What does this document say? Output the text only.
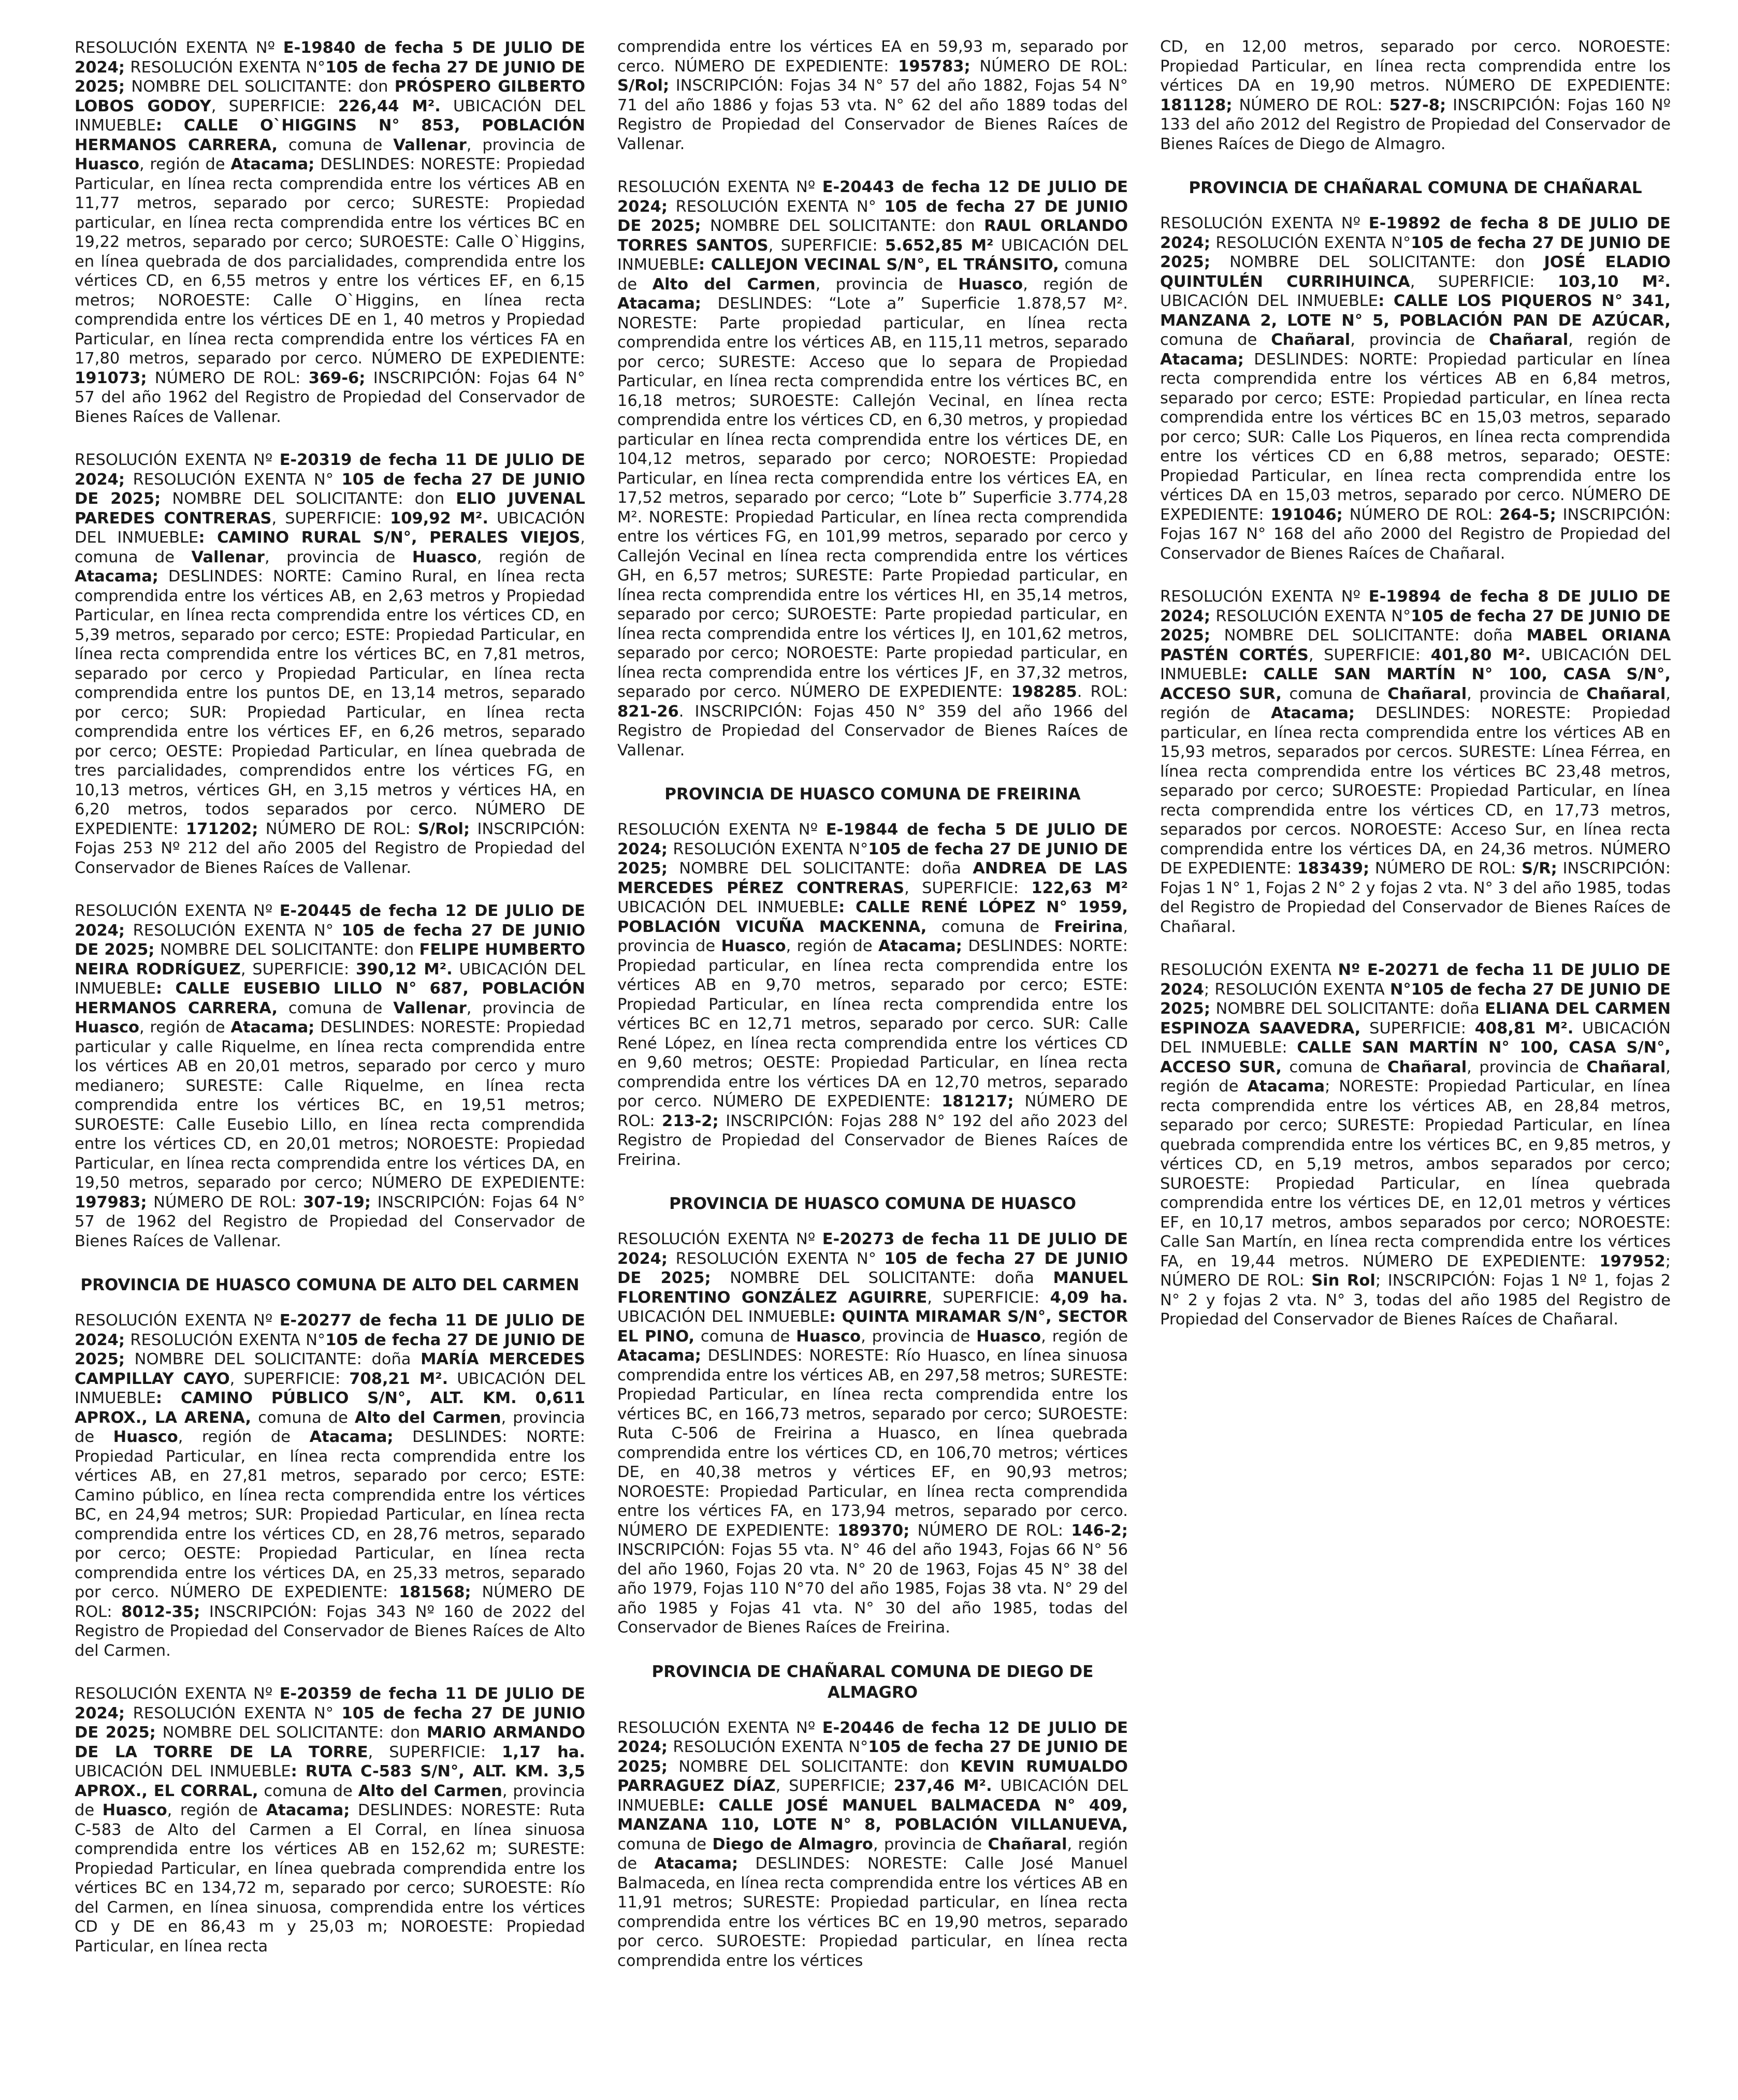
RESOLUCIÓN EXENTA Nº E-19840 de fecha 5 DE JULIO DE 2024; RESOLUCIÓN EXENTA N°105 de fecha 27 DE JUNIO DE 2025; NOMBRE DEL SOLICITANTE: don PRÓSPERO GILBERTO LOBOS GODOY, SUPERFICIE: 226,44 M². UBICACIÓN DEL INMUEBLE: CALLE O`HIGGINS N° 853, POBLACIÓN HERMANOS CARRERA, comuna de Vallenar, provincia de Huasco, región de Atacama; DESLINDES: NORESTE: Propiedad Particular, en línea recta comprendida entre los vértices AB en 11,77 metros, separado por cerco; SURESTE: Propiedad particular, en línea recta comprendida entre los vértices BC en 19,22 metros, separado por cerco; SUROESTE: Calle O`Higgins, en línea quebrada de dos parcialidades, comprendida entre los vértices CD, en 6,55 metros y entre los vértices EF, en 6,15 metros; NOROESTE: Calle O`Higgins, en línea recta comprendida entre los vértices DE en 1, 40 metros y Propiedad Particular, en línea recta comprendida entre los vértices FA en 17,80 metros, separado por cerco. NÚMERO DE EXPEDIENTE: 191073; NÚMERO DE ROL: 369-6; INSCRIPCIÓN: Fojas 64 N° 57 del año 1962 del Registro de Propiedad del Conservador de Bienes Raíces de Vallenar.
RESOLUCIÓN EXENTA Nº E-20319 de fecha 11 DE JULIO DE 2024; RESOLUCIÓN EXENTA N° 105 de fecha 27 DE JUNIO DE 2025; NOMBRE DEL SOLICITANTE: don ELIO JUVENAL PAREDES CONTRERAS, SUPERFICIE: 109,92 M². UBICACIÓN DEL INMUEBLE: CAMINO RURAL S/N°, PERALES VIEJOS, comuna de Vallenar, provincia de Huasco, región de Atacama; DESLINDES: NORTE: Camino Rural, en línea recta comprendida entre los vértices AB, en 2,63 metros y Propiedad Particular, en línea recta comprendida entre los vértices CD, en 5,39 metros, separado por cerco; ESTE: Propiedad Particular, en línea recta comprendida entre los vértices BC, en 7,81 metros, separado por cerco y Propiedad Particular, en línea recta comprendida entre los puntos DE, en 13,14 metros, separado por cerco; SUR: Propiedad Particular, en línea recta comprendida entre los vértices EF, en 6,26 metros, separado por cerco; OESTE: Propiedad Particular, en línea quebrada de tres parcialidades, comprendidos entre los vértices FG, en 10,13 metros, vértices GH, en 3,15 metros y vértices HA, en 6,20 metros, todos separados por cerco. NÚMERO DE EXPEDIENTE: 171202; NÚMERO DE ROL: S/Rol; INSCRIPCIÓN: Fojas 253 Nº 212 del año 2005 del Registro de Propiedad del Conservador de Bienes Raíces de Vallenar.
RESOLUCIÓN EXENTA Nº E-20445 de fecha 12 DE JULIO DE 2024; RESOLUCIÓN EXENTA N° 105 de fecha 27 DE JUNIO DE 2025; NOMBRE DEL SOLICITANTE: don FELIPE HUMBERTO NEIRA RODRÍGUEZ, SUPERFICIE: 390,12 M². UBICACIÓN DEL INMUEBLE: CALLE EUSEBIO LILLO N° 687, POBLACIÓN HERMANOS CARRERA, comuna de Vallenar, provincia de Huasco, región de Atacama; DESLINDES: NORESTE: Propiedad particular y calle Riquelme, en línea recta comprendida entre los vértices AB en 20,01 metros, separado por cerco y muro medianero; SURESTE: Calle Riquelme, en línea recta comprendida entre los vértices BC, en 19,51 metros; SUROESTE: Calle Eusebio Lillo, en línea recta comprendida entre los vértices CD, en 20,01 metros; NOROESTE: Propiedad Particular, en línea recta comprendida entre los vértices DA, en 19,50 metros, separado por cerco; NÚMERO DE EXPEDIENTE: 197983; NÚMERO DE ROL: 307-19; INSCRIPCIÓN: Fojas 64 N° 57 de 1962 del Registro de Propiedad del Conservador de Bienes Raíces de Vallenar.
PROVINCIA DE HUASCO COMUNA DE ALTO DEL CARMEN
RESOLUCIÓN EXENTA Nº E-20277 de fecha 11 DE JULIO DE 2024; RESOLUCIÓN EXENTA N°105 de fecha 27 DE JUNIO DE 2025; NOMBRE DEL SOLICITANTE: doña MARÍA MERCEDES CAMPILLAY CAYO, SUPERFICIE: 708,21 M². UBICACIÓN DEL INMUEBLE: CAMINO PÚBLICO S/N°, ALT. KM. 0,611 APROX., LA ARENA, comuna de Alto del Carmen, provincia de Huasco, región de Atacama; DESLINDES: NORTE: Propiedad Particular, en línea recta comprendida entre los vértices AB, en 27,81 metros, separado por cerco; ESTE: Camino público, en línea recta comprendida entre los vértices BC, en 24,94 metros; SUR: Propiedad Particular, en línea recta comprendida entre los vértices CD, en 28,76 metros, separado por cerco; OESTE: Propiedad Particular, en línea recta comprendida entre los vértices DA, en 25,33 metros, separado por cerco. NÚMERO DE EXPEDIENTE: 181568; NÚMERO DE ROL: 8012-35; INSCRIPCIÓN: Fojas 343 Nº 160 de 2022 del Registro de Propiedad del Conservador de Bienes Raíces de Alto del Carmen.
RESOLUCIÓN EXENTA Nº E-20359 de fecha 11 DE JULIO DE 2024; RESOLUCIÓN EXENTA N° 105 de fecha 27 DE JUNIO DE 2025; NOMBRE DEL SOLICITANTE: don MARIO ARMANDO DE LA TORRE DE LA TORRE, SUPERFICIE: 1,17 ha. UBICACIÓN DEL INMUEBLE: RUTA C-583 S/N°, ALT. KM. 3,5 APROX., EL CORRAL, comuna de Alto del Carmen, provincia de Huasco, región de Atacama; DESLINDES: NORESTE: Ruta C-583 de Alto del Carmen a El Corral, en línea sinuosa comprendida entre los vértices AB en 152,62 m; SURESTE: Propiedad Particular, en línea quebrada comprendida entre los vértices BC en 134,72 m, separado por cerco; SUROESTE: Río del Carmen, en línea sinuosa, comprendida entre los vértices CD y DE en 86,43 m y 25,03 m; NOROESTE: Propiedad Particular, en línea recta
comprendida entre los vértices EA en 59,93 m, separado por cerco. NÚMERO DE EXPEDIENTE: 195783; NÚMERO DE ROL: S/Rol; INSCRIPCIÓN: Fojas 34 N° 57 del año 1882, Fojas 54 N° 71 del año 1886 y fojas 53 vta. N° 62 del año 1889 todas del Registro de Propiedad del Conservador de Bienes Raíces de Vallenar.
RESOLUCIÓN EXENTA Nº E-20443 de fecha 12 DE JULIO DE 2024; RESOLUCIÓN EXENTA N° 105 de fecha 27 DE JUNIO DE 2025; NOMBRE DEL SOLICITANTE: don RAUL ORLANDO TORRES SANTOS, SUPERFICIE: 5.652,85 M² UBICACIÓN DEL INMUEBLE: CALLEJON VECINAL S/N°, EL TRÁNSITO, comuna de Alto del Carmen, provincia de Huasco, región de Atacama; DESLINDES: “Lote a” Superficie 1.878,57 M². NORESTE: Parte propiedad particular, en línea recta comprendida entre los vértices AB, en 115,11 metros, separado por cerco; SURESTE: Acceso que lo separa de Propiedad Particular, en línea recta comprendida entre los vértices BC, en 16,18 metros; SUROESTE: Callejón Vecinal, en línea recta comprendida entre los vértices CD, en 6,30 metros, y propiedad particular en línea recta comprendida entre los vértices DE, en 104,12 metros, separado por cerco; NOROESTE: Propiedad Particular, en línea recta comprendida entre los vértices EA, en 17,52 metros, separado por cerco; “Lote b” Superficie 3.774,28 M². NORESTE: Propiedad Particular, en línea recta comprendida entre los vértices FG, en 101,99 metros, separado por cerco y Callejón Vecinal en línea recta comprendida entre los vértices GH, en 6,57 metros; SURESTE: Parte Propiedad particular, en línea recta comprendida entre los vértices HI, en 35,14 metros, separado por cerco; SUROESTE: Parte propiedad particular, en línea recta comprendida entre los vértices IJ, en 101,62 metros, separado por cerco; NOROESTE: Parte propiedad particular, en línea recta comprendida entre los vértices JF, en 37,32 metros, separado por cerco. NÚMERO DE EXPEDIENTE: 198285. ROL: 821-26. INSCRIPCIÓN: Fojas 450 N° 359 del año 1966 del Registro de Propiedad del Conservador de Bienes Raíces de Vallenar.
PROVINCIA DE HUASCO COMUNA DE FREIRINA
RESOLUCIÓN EXENTA Nº E-19844 de fecha 5 DE JULIO DE 2024; RESOLUCIÓN EXENTA N°105 de fecha 27 DE JUNIO DE 2025; NOMBRE DEL SOLICITANTE: doña ANDREA DE LAS MERCEDES PÉREZ CONTRERAS, SUPERFICIE: 122,63 M² UBICACIÓN DEL INMUEBLE: CALLE RENÉ LÓPEZ N° 1959, POBLACIÓN VICUÑA MACKENNA, comuna de Freirina, provincia de Huasco, región de Atacama; DESLINDES: NORTE: Propiedad particular, en línea recta comprendida entre los vértices AB en 9,70 metros, separado por cerco; ESTE: Propiedad Particular, en línea recta comprendida entre los vértices BC en 12,71 metros, separado por cerco. SUR: Calle René López, en línea recta comprendida entre los vértices CD en 9,60 metros; OESTE: Propiedad Particular, en línea recta comprendida entre los vértices DA en 12,70 metros, separado por cerco. NÚMERO DE EXPEDIENTE: 181217; NÚMERO DE ROL: 213-2; INSCRIPCIÓN: Fojas 288 N° 192 del año 2023 del Registro de Propiedad del Conservador de Bienes Raíces de Freirina.
PROVINCIA DE HUASCO COMUNA DE HUASCO
RESOLUCIÓN EXENTA Nº E-20273 de fecha 11 DE JULIO DE 2024; RESOLUCIÓN EXENTA N° 105 de fecha 27 DE JUNIO DE 2025; NOMBRE DEL SOLICITANTE: doña MANUEL FLORENTINO GONZÁLEZ AGUIRRE, SUPERFICIE: 4,09 ha. UBICACIÓN DEL INMUEBLE: QUINTA MIRAMAR S/N°, SECTOR EL PINO, comuna de Huasco, provincia de Huasco, región de Atacama; DESLINDES: NORESTE: Río Huasco, en línea sinuosa comprendida entre los vértices AB, en 297,58 metros; SURESTE: Propiedad Particular, en línea recta comprendida entre los vértices BC, en 166,73 metros, separado por cerco; SUROESTE: Ruta C-506 de Freirina a Huasco, en línea quebrada comprendida entre los vértices CD, en 106,70 metros; vértices DE, en 40,38 metros y vértices EF, en 90,93 metros; NOROESTE: Propiedad Particular, en línea recta comprendida entre los vértices FA, en 173,94 metros, separado por cerco. NÚMERO DE EXPEDIENTE: 189370; NÚMERO DE ROL: 146-2; INSCRIPCIÓN: Fojas 55 vta. N° 46 del año 1943, Fojas 66 N° 56 del año 1960, Fojas 20 vta. N° 20 de 1963, Fojas 45 N° 38 del año 1979, Fojas 110 N°70 del año 1985, Fojas 38 vta. N° 29 del año 1985 y Fojas 41 vta. N° 30 del año 1985, todas del Conservador de Bienes Raíces de Freirina.
PROVINCIA DE CHAÑARAL COMUNA DE DIEGO DE ALMAGRO
RESOLUCIÓN EXENTA Nº E-20446 de fecha 12 DE JULIO DE 2024; RESOLUCIÓN EXENTA N°105 de fecha 27 DE JUNIO DE 2025; NOMBRE DEL SOLICITANTE: don KEVIN RUMUALDO PARRAGUEZ DÍAZ, SUPERFICIE; 237,46 M². UBICACIÓN DEL INMUEBLE: CALLE JOSÉ MANUEL BALMACEDA N° 409, MANZANA 110, LOTE N° 8, POBLACIÓN VILLANUEVA, comuna de Diego de Almagro, provincia de Chañaral, región de Atacama; DESLINDES: NORESTE: Calle José Manuel Balmaceda, en línea recta comprendida entre los vértices AB en 11,91 metros; SURESTE: Propiedad particular, en línea recta comprendida entre los vértices BC en 19,90 metros, separado por cerco. SUROESTE: Propiedad particular, en línea recta comprendida entre los vértices
CD, en 12,00 metros, separado por cerco. NOROESTE: Propiedad Particular, en línea recta comprendida entre los vértices DA en 19,90 metros. NÚMERO DE EXPEDIENTE: 181128; NÚMERO DE ROL: 527-8; INSCRIPCIÓN: Fojas 160 Nº 133 del año 2012 del Registro de Propiedad del Conservador de Bienes Raíces de Diego de Almagro.
PROVINCIA DE CHAÑARAL COMUNA DE CHAÑARAL
RESOLUCIÓN EXENTA Nº E-19892 de fecha 8 DE JULIO DE 2024; RESOLUCIÓN EXENTA N°105 de fecha 27 DE JUNIO DE 2025; NOMBRE DEL SOLICITANTE: don JOSÉ ELADIO QUINTULÉN CURRIHUINCA, SUPERFICIE: 103,10 M². UBICACIÓN DEL INMUEBLE: CALLE LOS PIQUEROS N° 341, MANZANA 2, LOTE N° 5, POBLACIÓN PAN DE AZÚCAR, comuna de Chañaral, provincia de Chañaral, región de Atacama; DESLINDES: NORTE: Propiedad particular en línea recta comprendida entre los vértices AB en 6,84 metros, separado por cerco; ESTE: Propiedad particular, en línea recta comprendida entre los vértices BC en 15,03 metros, separado por cerco; SUR: Calle Los Piqueros, en línea recta comprendida entre los vértices CD en 6,88 metros, separado; OESTE: Propiedad Particular, en línea recta comprendida entre los vértices DA en 15,03 metros, separado por cerco. NÚMERO DE EXPEDIENTE: 191046; NÚMERO DE ROL: 264-5; INSCRIPCIÓN: Fojas 167 N° 168 del año 2000 del Registro de Propiedad del Conservador de Bienes Raíces de Chañaral.
RESOLUCIÓN EXENTA Nº E-19894 de fecha 8 DE JULIO DE 2024; RESOLUCIÓN EXENTA N°105 de fecha 27 DE JUNIO DE 2025; NOMBRE DEL SOLICITANTE: doña MABEL ORIANA PASTÉN CORTÉS, SUPERFICIE: 401,80 M². UBICACIÓN DEL INMUEBLE: CALLE SAN MARTÍN N° 100, CASA S/N°, ACCESO SUR, comuna de Chañaral, provincia de Chañaral, región de Atacama; DESLINDES: NORESTE: Propiedad particular, en línea recta comprendida entre los vértices AB en 15,93 metros, separados por cercos. SURESTE: Línea Férrea, en línea recta comprendida entre los vértices BC 23,48 metros, separado por cerco; SUROESTE: Propiedad Particular, en línea recta comprendida entre los vértices CD, en 17,73 metros, separados por cercos. NOROESTE: Acceso Sur, en línea recta comprendida entre los vértices DA, en 24,36 metros. NÚMERO DE EXPEDIENTE: 183439; NÚMERO DE ROL: S/R; INSCRIPCIÓN: Fojas 1 N° 1, Fojas 2 N° 2 y fojas 2 vta. N° 3 del año 1985, todas del Registro de Propiedad del Conservador de Bienes Raíces de Chañaral.
RESOLUCIÓN EXENTA Nº E-20271 de fecha 11 DE JULIO DE 2024; RESOLUCIÓN EXENTA N°105 de fecha 27 DE JUNIO DE 2025; NOMBRE DEL SOLICITANTE: doña ELIANA DEL CARMEN ESPINOZA SAAVEDRA, SUPERFICIE: 408,81 M². UBICACIÓN DEL INMUEBLE: CALLE SAN MARTÍN N° 100, CASA S/N°, ACCESO SUR, comuna de Chañaral, provincia de Chañaral, región de Atacama; NORESTE: Propiedad Particular, en línea recta comprendida entre los vértices AB, en 28,84 metros, separado por cerco; SURESTE: Propiedad Particular, en línea quebrada comprendida entre los vértices BC, en 9,85 metros, y vértices CD, en 5,19 metros, ambos separados por cerco; SUROESTE: Propiedad Particular, en línea quebrada comprendida entre los vértices DE, en 12,01 metros y vértices EF, en 10,17 metros, ambos separados por cerco; NOROESTE: Calle San Martín, en línea recta comprendida entre los vértices FA, en 19,44 metros. NÚMERO DE EXPEDIENTE: 197952; NÚMERO DE ROL: Sin Rol; INSCRIPCIÓN: Fojas 1 Nº 1, fojas 2 N° 2 y fojas 2 vta. N° 3, todas del año 1985 del Registro de Propiedad del Conservador de Bienes Raíces de Chañaral.
